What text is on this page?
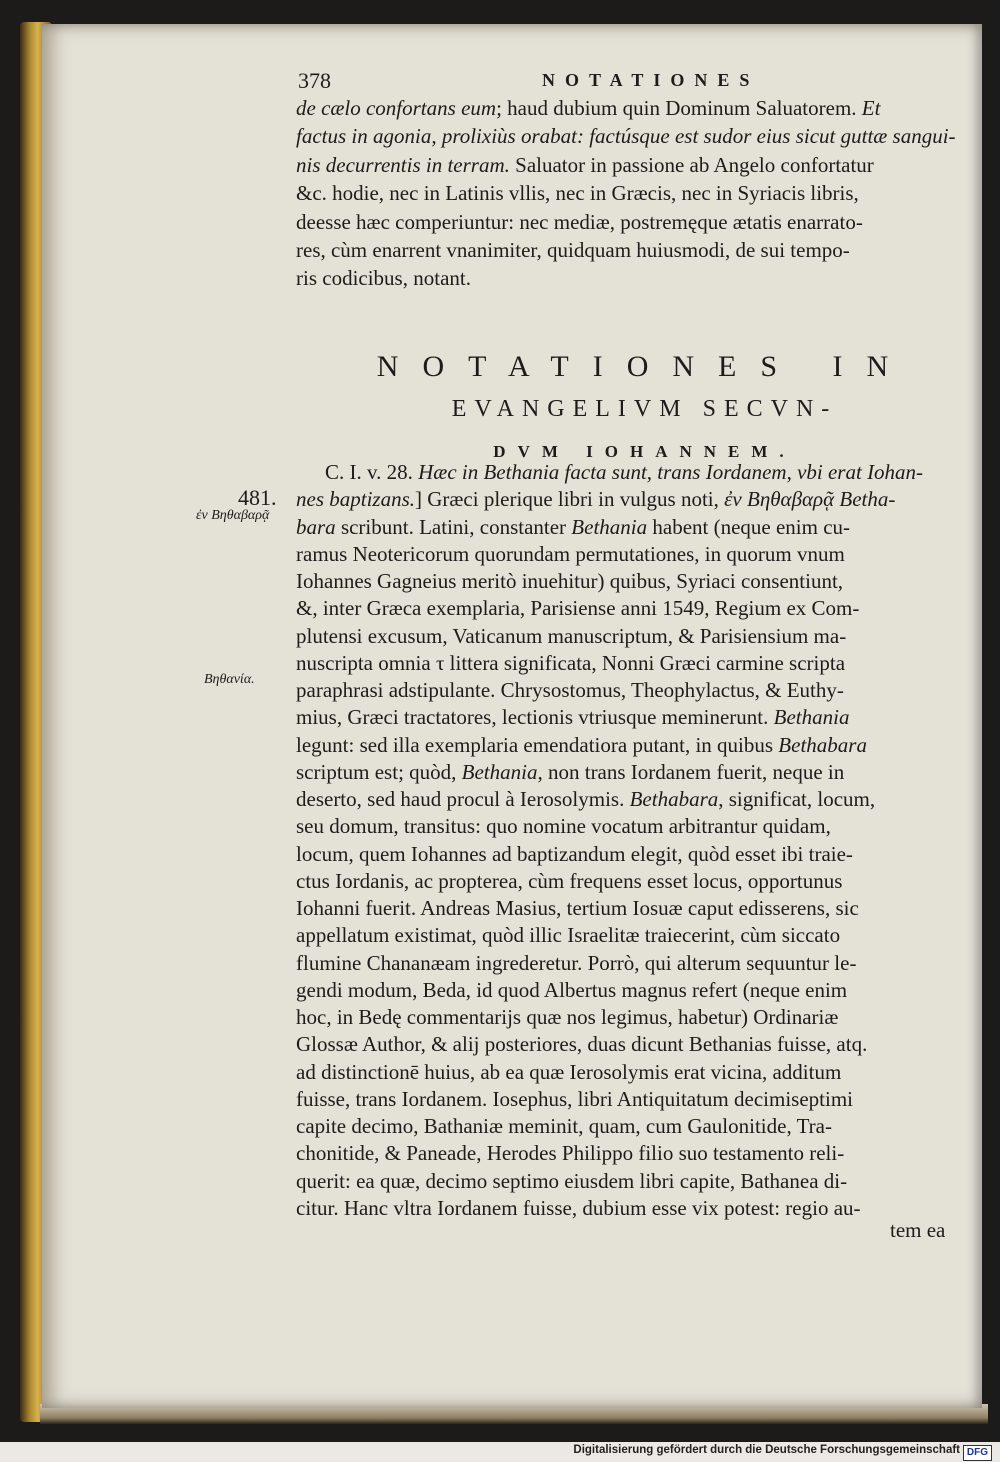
378	NOTATIONES
de cælo confortans eum; haud dubium quin Dominum Saluatorem. Et
factus in agonia, prolixiùs orabat: factúsque est sudor eius sicut guttæ sangui-
nis decurrentis in terram. Saluator in passione ab Angelo confortatur
&c. hodie, nec in Latinis vllis, nec in Græcis, nec in Syriacis libris,
deesse hæc comperiuntur: nec mediæ, postremęque ætatis enarrato-
res, cùm enarrent vnanimiter, quidquam huiusmodi, de sui tempo-
ris codicibus, notant.
NOTATIONES IN
EVANGELIVM SECVN-
DVM IOHANNEM.
481.
ἐν Βηθαβαρᾷ
Βηθανία.
C. I. v. 28. Hæc in Bethania facta sunt, trans Iordanem, vbi erat Iohan-
nes baptizans.] Græci plerique libri in vulgus noti, ἐν Βηθαβαρᾷ Betha-
bara scribunt. Latini, constanter Bethania habent (neque enim cu-
ramus Neotericorum quorundam permutationes, in quorum vnum
Iohannes Gagneius meritò inuehitur) quibus, Syriaci consentiunt,
&, inter Græca exemplaria, Parisiense anni 1549, Regium ex Com-
plutensi excusum, Vaticanum manuscriptum, & Parisiensium ma-
nuscripta omnia τ littera significata, Nonni Græci carmine scripta
paraphrasi adstipulante. Chrysostomus, Theophylactus, & Euthy-
mius, Græci tractatores, lectionis vtriusque meminerunt. Bethania
legunt: sed illa exemplaria emendatiora putant, in quibus Bethabara
scriptum est; quòd, Bethania, non trans Iordanem fuerit, neque in
deserto, sed haud procul à Ierosolymis. Bethabara, significat, locum,
seu domum, transitus: quo nomine vocatum arbitrantur quidam,
locum, quem Iohannes ad baptizandum elegit, quòd esset ibi traie-
ctus Iordanis, ac propterea, cùm frequens esset locus, opportunus
Iohanni fuerit. Andreas Masius, tertium Iosuæ caput edisserens, sic
appellatum existimat, quòd illic Israelitæ traiecerint, cùm siccato
flumine Chananæam ingrederetur. Porrò, qui alterum sequuntur le-
gendi modum, Beda, id quod Albertus magnus refert (neque enim
hoc, in Bedę commentarijs quæ nos legimus, habetur) Ordinariæ
Glossæ Author, & alij posteriores, duas dicunt Bethanias fuisse, atq.
ad distinctionē huius, ab ea quæ Ierosolymis erat vicina, additum
fuisse, trans Iordanem. Iosephus, libri Antiquitatum decimiseptimi
capite decimo, Bathaniæ meminit, quam, cum Gaulonitide, Tra-
chonitide, & Paneade, Herodes Philippo filio suo testamento reli-
querit: ea quæ, decimo septimo eiusdem libri capite, Bathanea di-
citur. Hanc vltra Iordanem fuisse, dubium esse vix potest: regio au-
tem ea
Digitalisierung gefördert durch die Deutsche Forschungsgemeinschaft DFG
